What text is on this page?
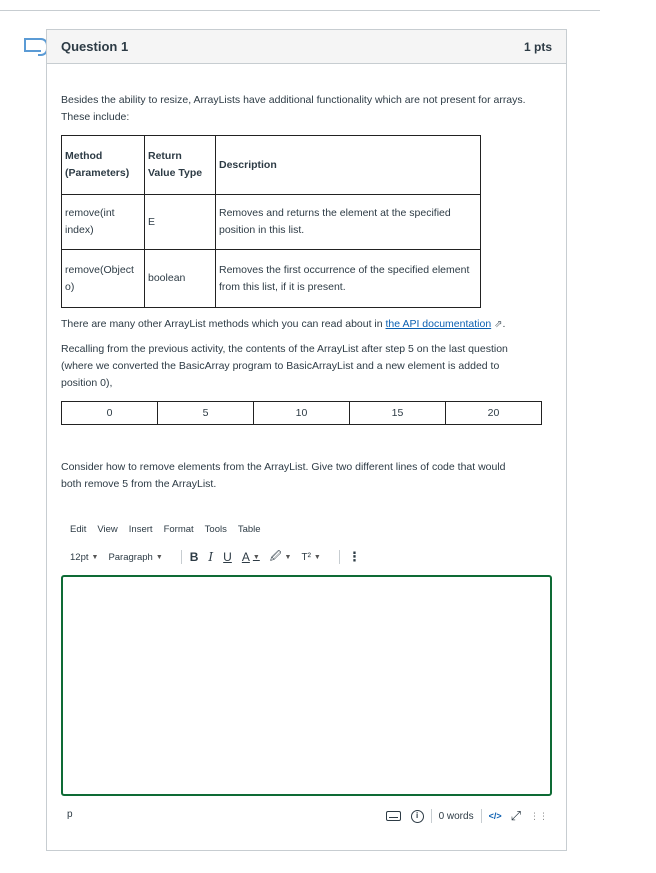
Question 1	1 pts
Besides the ability to resize, ArrayLists have additional functionality which are not present for arrays.
These include:
Method (Parameters)	Return Value Type	Description
remove(int index)	E	Removes and returns the element at the specified position in this list.
remove(Object o)	boolean	Removes the first occurrence of the specified element from this list, if it is present.
There are many other ArrayList methods which you can read about in the API documentation ⇗.
Recalling from the previous activity, the contents of the ArrayList after step 5 on the last question
(where we converted the BasicArray program to BasicArrayList and a new element is added to
position 0),
0	5	10	15	20
Consider how to remove elements from the ArrayList. Give two different lines of code that would
both remove 5 from the ArrayList.
Edit View Insert Format Tools Table
12pt ▼ Paragraph ▼ B I U A ▼ 🖉 ▼ T² ▼ ⋮
p	i	0 words </> ⤢ ⋮⋮
